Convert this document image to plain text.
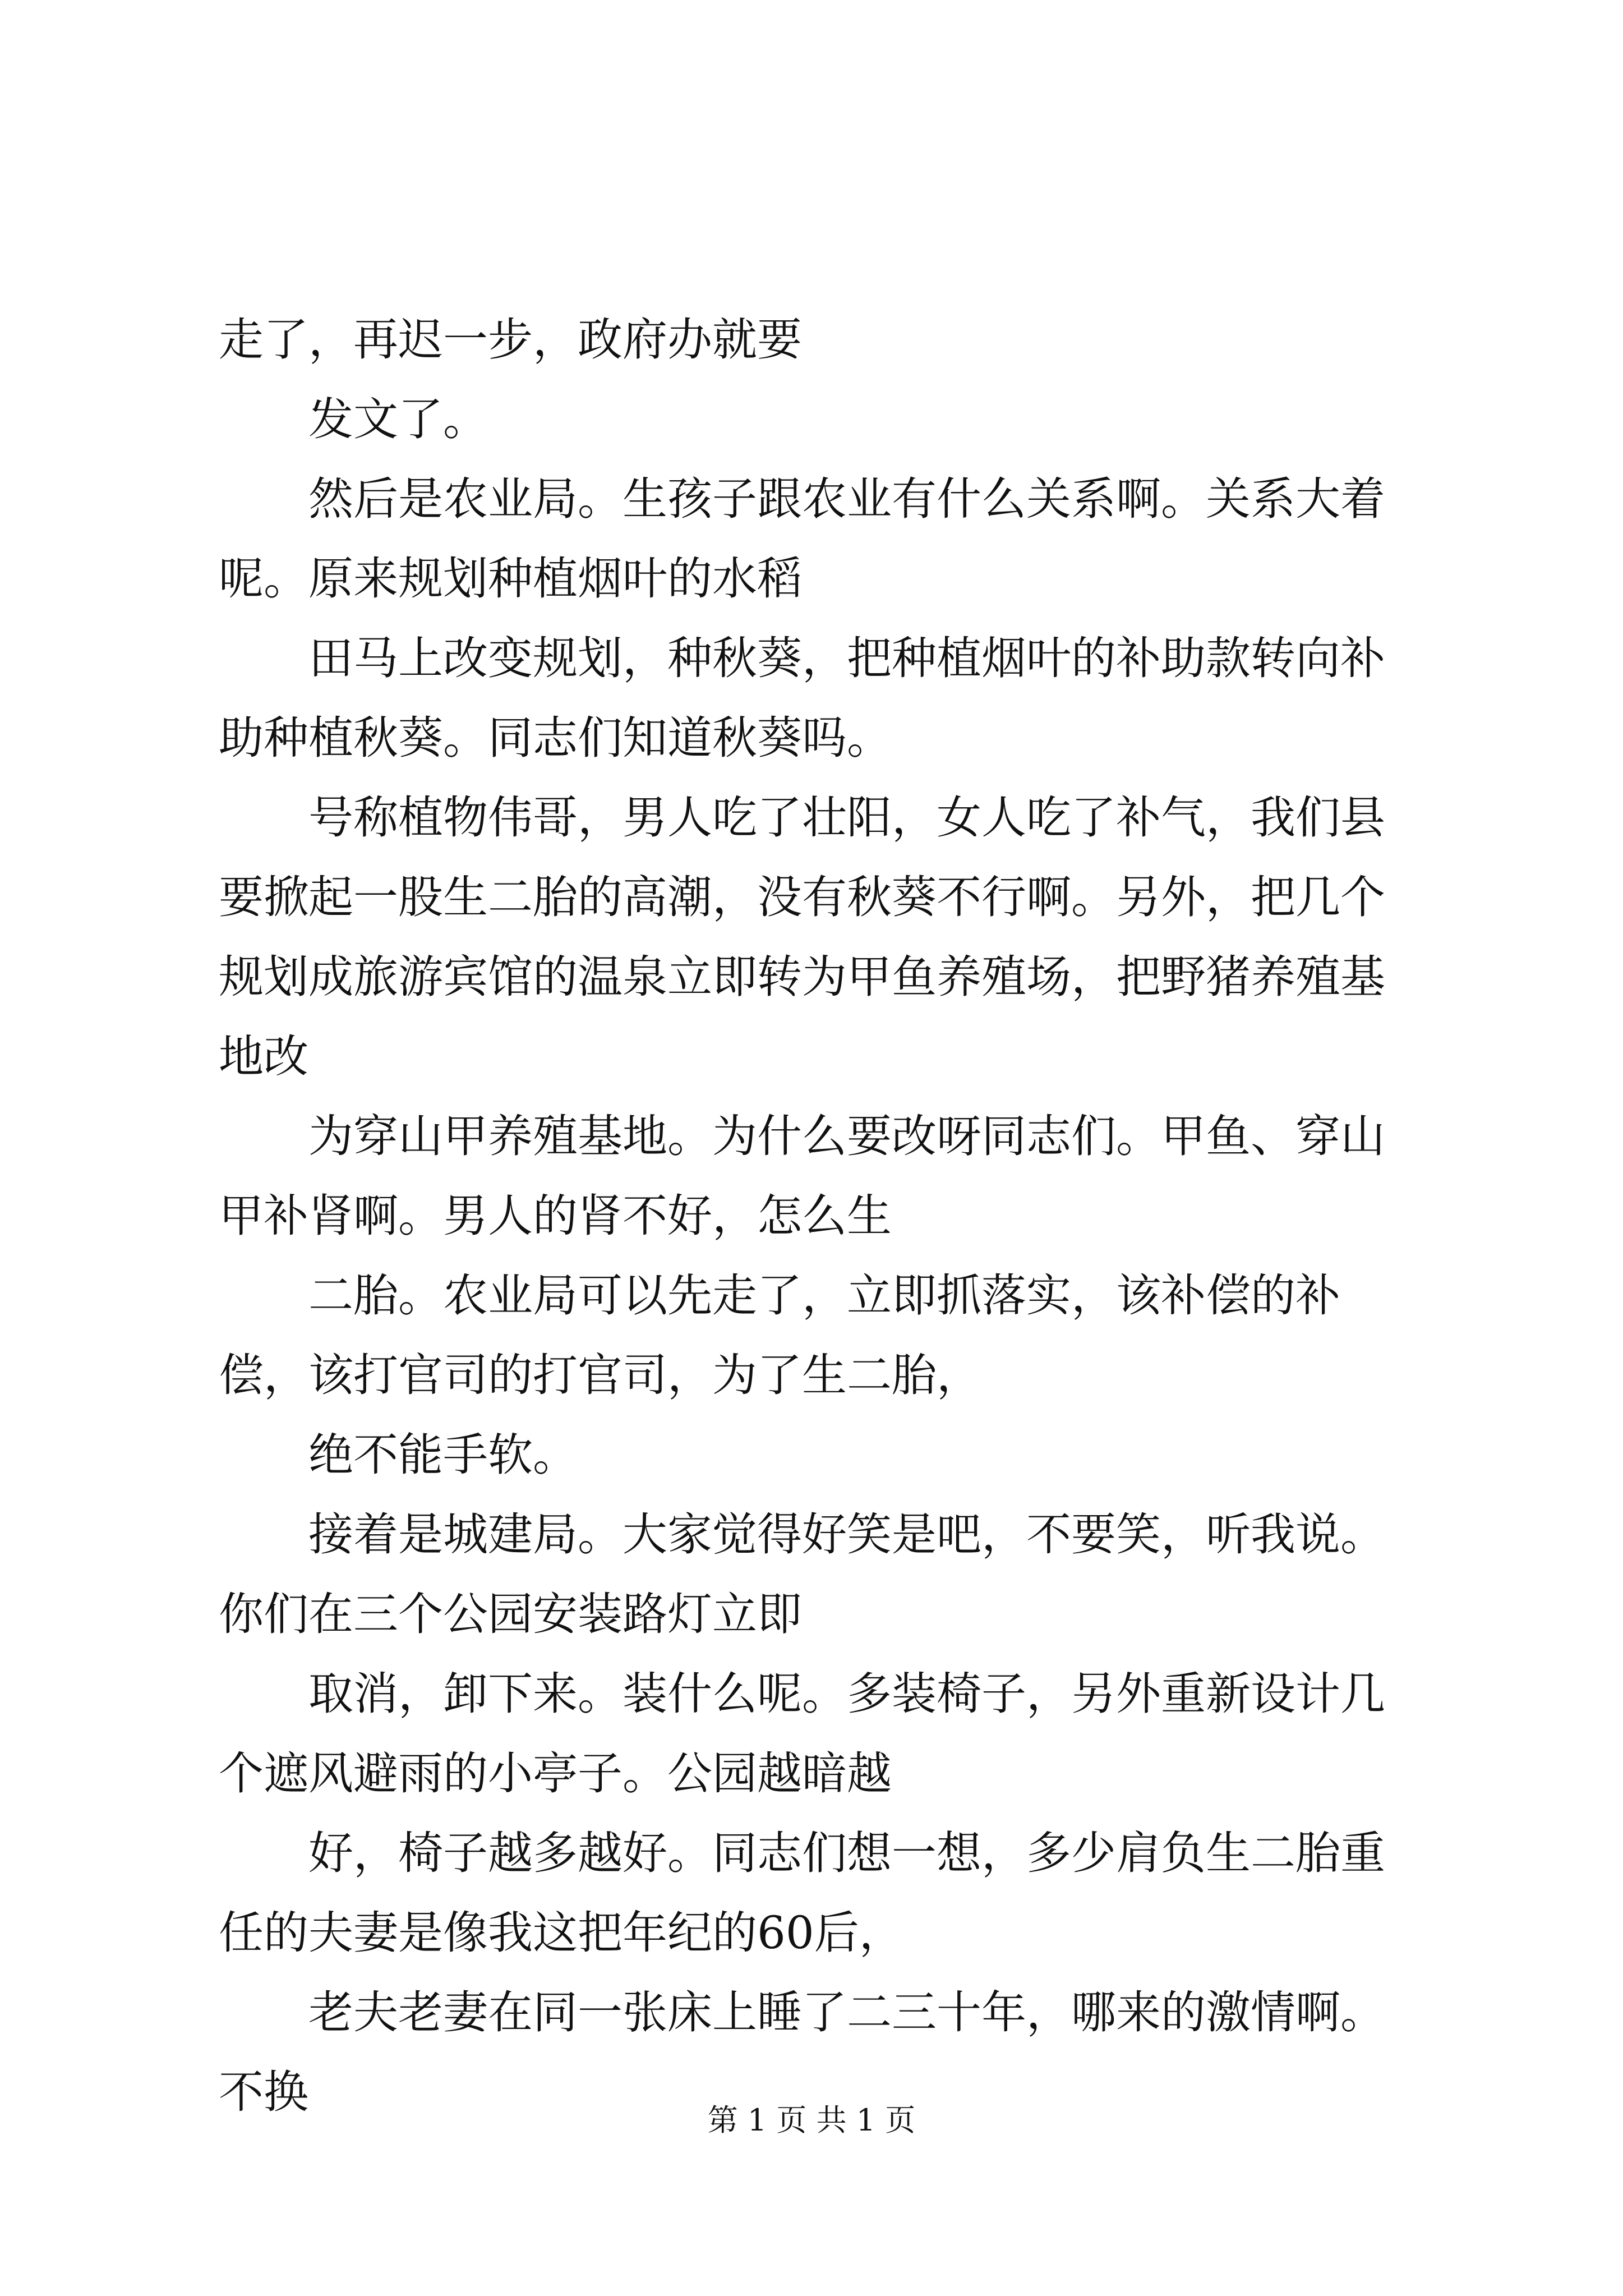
走了，再迟一步，政府办就要

发文了。

然后是农业局。生孩子跟农业有什么关系啊。关系大着呢。原来规划种植烟叶的水稻

田马上改变规划，种秋葵，把种植烟叶的补助款转向补助种植秋葵。同志们知道秋葵吗。

号称植物伟哥，男人吃了壮阳，女人吃了补气，我们县要掀起一股生二胎的高潮，没有秋葵不行啊。另外，把几个规划成旅游宾馆的温泉立即转为甲鱼养殖场，把野猪养殖基地改

为穿山甲养殖基地。为什么要改呀同志们。甲鱼、穿山甲补肾啊。男人的肾不好，怎么生

二胎。农业局可以先走了，立即抓落实，该补偿的补偿，该打官司的打官司，为了生二胎，

绝不能手软。

接着是城建局。大家觉得好笑是吧，不要笑，听我说。你们在三个公园安装路灯立即

取消，卸下来。装什么呢。多装椅子，另外重新设计几个遮风避雨的小亭子。公园越暗越

好，椅子越多越好。同志们想一想，多少肩负生二胎重任的夫妻是像我这把年纪的60后，

老夫老妻在同一张床上睡了二三十年，哪来的激情啊。不换

第 1 页 共 1 页
